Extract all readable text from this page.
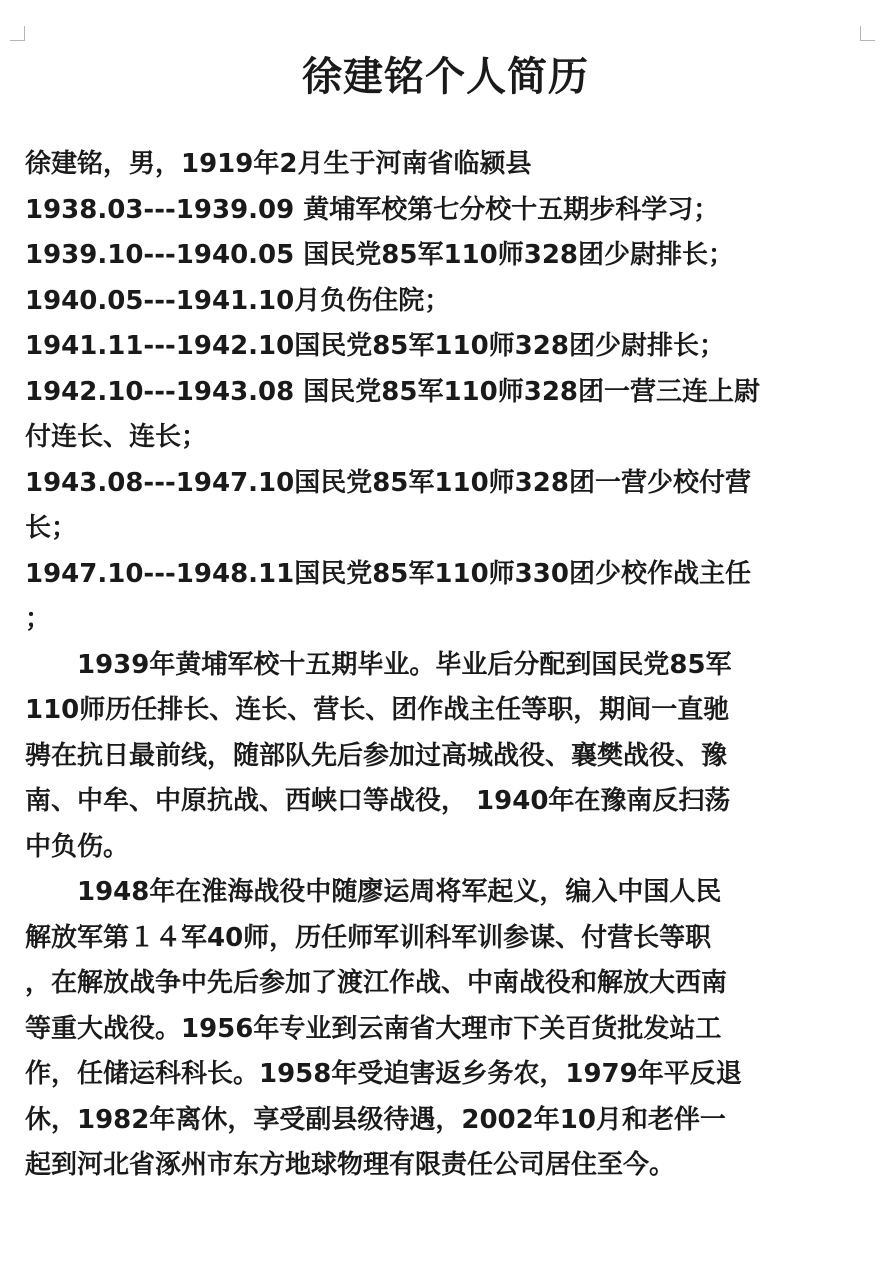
徐建铭个人简历
徐建铭，男，1919年2月生于河南省临颍县
1938.03---1939.09 黄埔军校第七分校十五期步科学习；
1939.10---1940.05 国民党85军110师328团少尉排长；
1940.05---1941.10月负伤住院；
1941.11---1942.10国民党85军110师328团少尉排长；
1942.10---1943.08 国民党85军110师328团一营三连上尉
付连长、连长；
1943.08---1947.10国民党85军110师328团一营少校付营
长；
1947.10---1948.11国民党85军110师330团少校作战主任
；
1939年黄埔军校十五期毕业。毕业后分配到国民党85军
110师历任排长、连长、营长、团作战主任等职，期间一直驰
骋在抗日最前线，随部队先后参加过高城战役、襄樊战役、豫
南、中牟、中原抗战、西峡口等战役， 1940年在豫南反扫荡
中负伤。
1948年在淮海战役中随廖运周将军起义，编入中国人民
解放军第１４军40师，历任师军训科军训参谋、付营长等职
，在解放战争中先后参加了渡江作战、中南战役和解放大西南
等重大战役。1956年专业到云南省大理市下关百货批发站工
作，任储运科科长。1958年受迫害返乡务农，1979年平反退
休，1982年离休，享受副县级待遇，2002年10月和老伴一
起到河北省涿州市东方地球物理有限责任公司居住至今。
